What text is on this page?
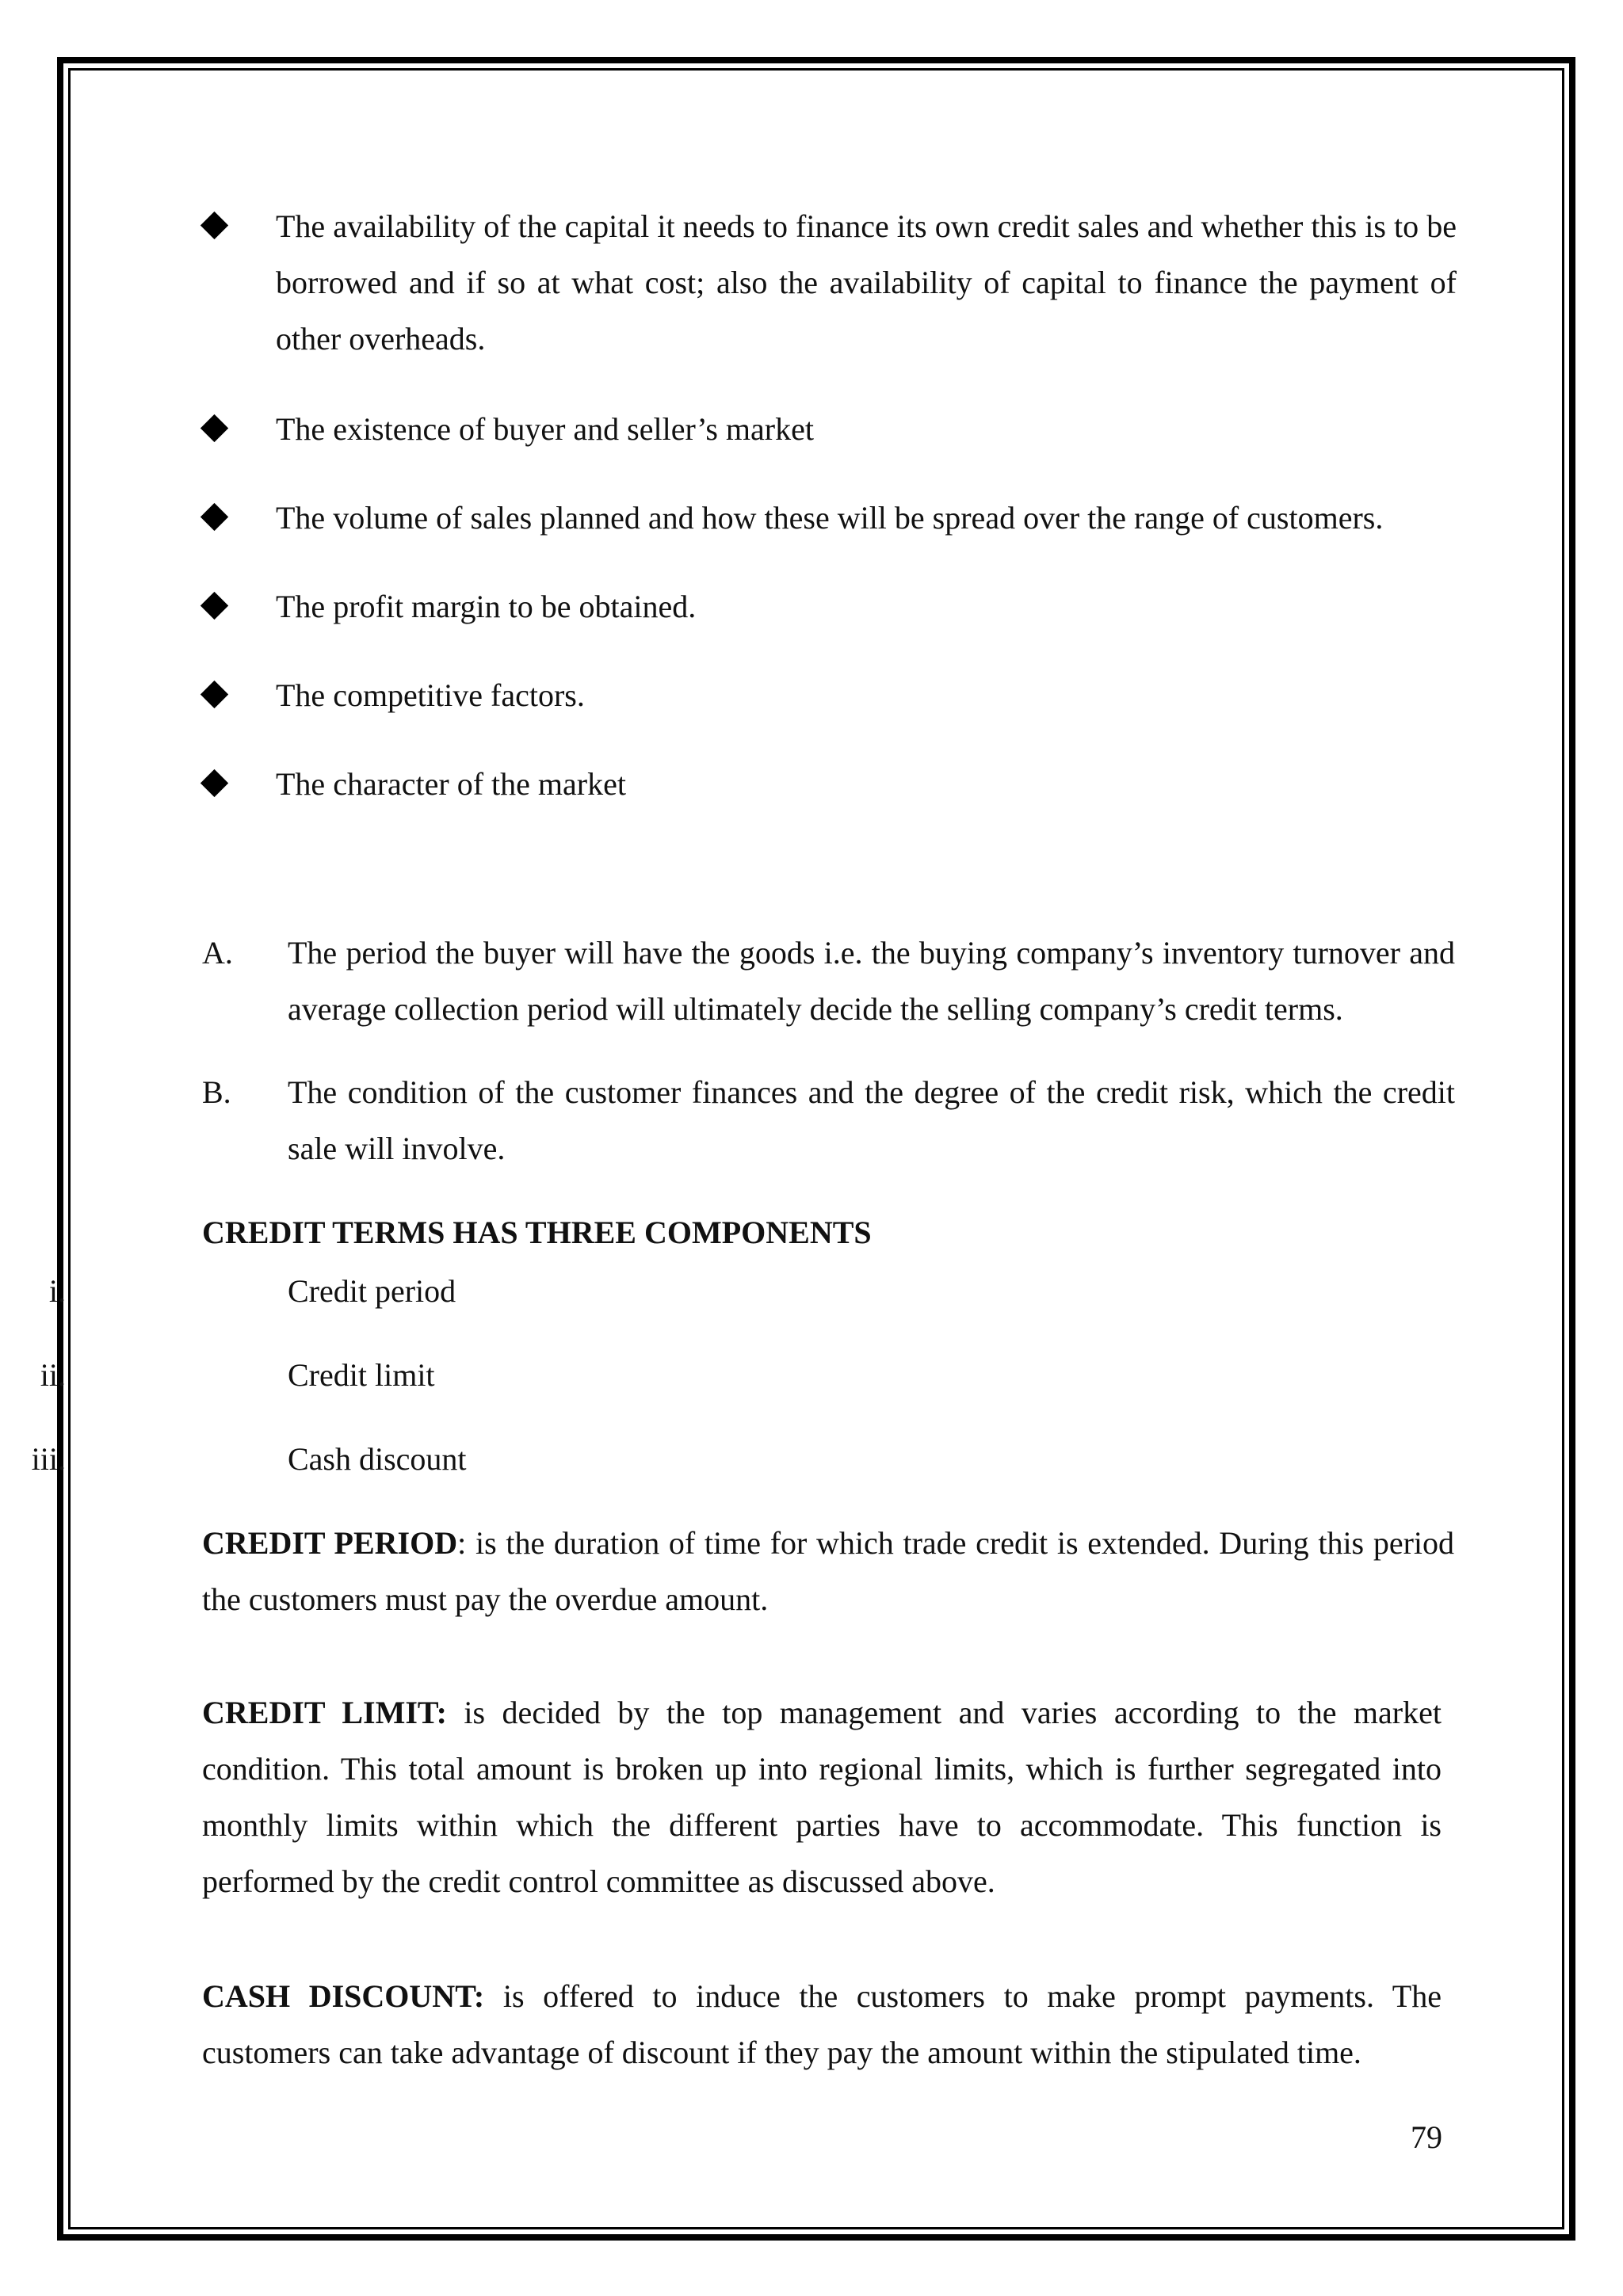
The availability of the capital it needs to finance its own credit sales and whether this is to be borrowed and if so at what cost; also the availability of capital to finance the payment of other overheads.
The existence of buyer and seller’s market
The volume of sales planned and how these will be spread over the range of customers.
The profit margin to be obtained.
The competitive factors.
The character of the market
A. The period the buyer will have the goods i.e. the buying company’s inventory turnover and average collection period will ultimately decide the selling company’s credit terms.
B. The condition of the customer finances and the degree of the credit risk, which the credit sale will involve.
CREDIT TERMS HAS THREE COMPONENTS
i.	Credit period
ii.	Credit limit
iii.	Cash discount
CREDIT PERIOD: is the duration of time for which trade credit is extended. During this period the customers must pay the overdue amount.
CREDIT LIMIT: is decided by the top management and varies according to the market condition. This total amount is broken up into regional limits, which is further segregated into monthly limits within which the different parties have to accommodate. This function is performed by the credit control committee as discussed above.
CASH DISCOUNT: is offered to induce the customers to make prompt payments. The customers can take advantage of discount if they pay the amount within the stipulated time.
79
